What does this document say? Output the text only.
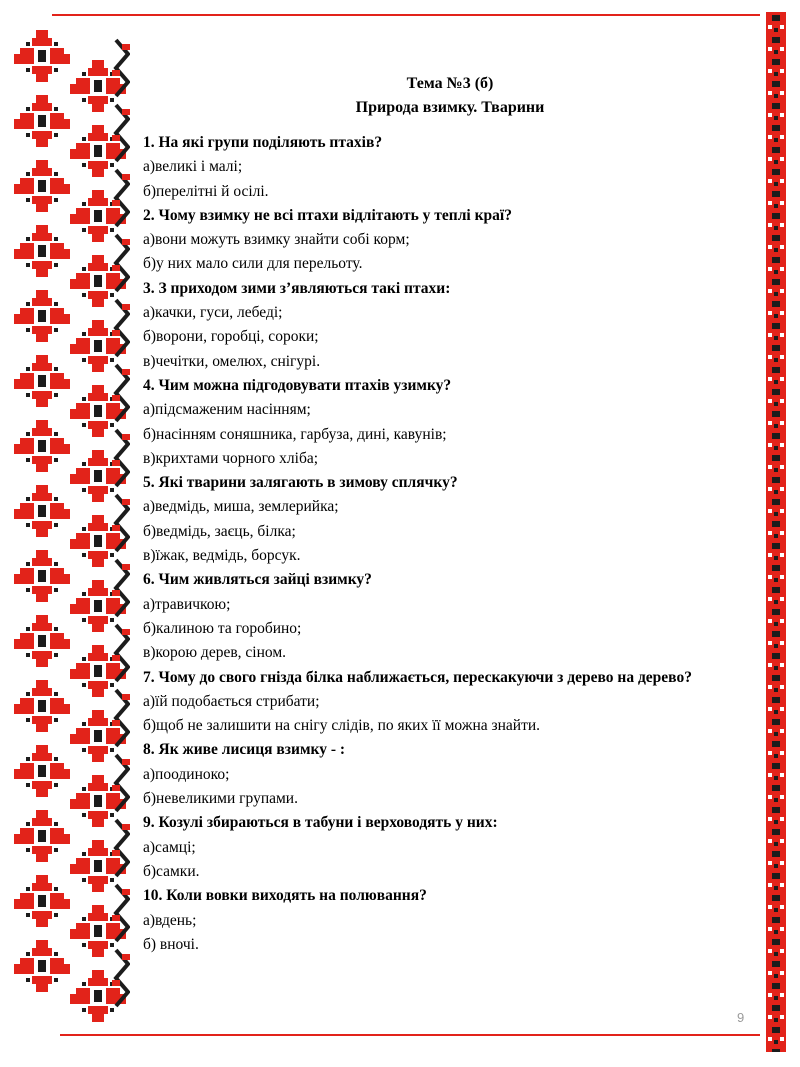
Тема №3 (б)
Природа взимку. Тварини
1. На які групи поділяють птахів?
а)великі і малі;
б)перелітні й осілі.
2. Чому взимку не всі птахи відлітають у теплі краї?
а)вони можуть взимку знайти собі корм;
б)у них мало сили для перельоту.
3. З приходом зими з’являються такі птахи:
а)качки, гуси, лебеді;
б)ворони, горобці, сороки;
в)чечітки, омелюх, снігурі.
4. Чим можна підгодовувати птахів узимку?
а)підсмаженим насінням;
б)насінням соняшника, гарбуза, дині, кавунів;
в)крихтами чорного хліба;
5. Які тварини залягають в зимову сплячку?
а)ведмідь, миша, землерийка;
б)ведмідь, заєць, білка;
в)їжак, ведмідь, борсук.
6. Чим живляться зайці взимку?
а)травичкою;
б)калиною та горобино;
в)корою дерев, сіном.
7. Чому до свого гнізда білка наближається, перескакуючи з дерево на дерево?
а)їй подобається стрибати;
б)щоб не залишити на снігу слідів, по яких її можна знайти.
8. Як живе лисиця взимку - :
а)поодиноко;
б)невеликими групами.
9. Козулі збираються в табуни і верховодять у них:
а)самці;
б)самки.
10. Коли вовки виходять на полювання?
а)вдень;
б) вночі.
9
